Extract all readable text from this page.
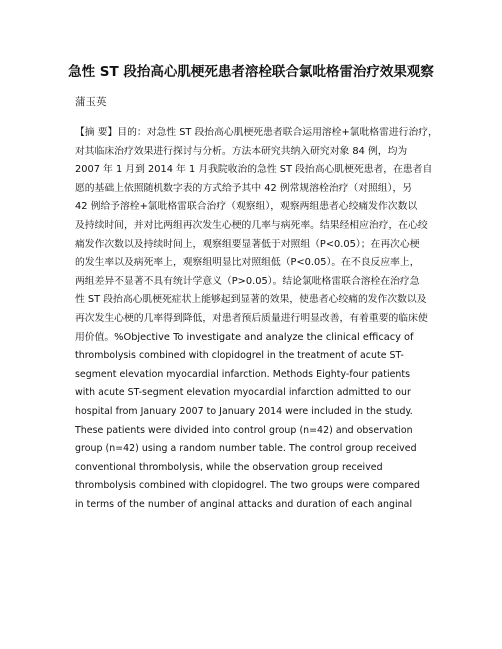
急性 ST 段抬高心肌梗死患者溶栓联合氯吡格雷治疗效果观察
蒲玉英
【摘 要】目的：对急性 ST 段抬高心肌梗死患者联合运用溶栓+氯吡格雷进行治疗，
对其临床治疗效果进行探讨与分析。方法本研究共纳入研究对象 84 例，均为
2007 年 1 月到 2014 年 1 月我院收治的急性 ST 段抬高心肌梗死患者，在患者自
愿的基础上依照随机数字表的方式给予其中 42 例常规溶栓治疗（对照组），另
42 例给予溶栓+氯吡格雷联合治疗（观察组），观察两组患者心绞痛发作次数以
及持续时间，并对比两组再次发生心梗的几率与病死率。结果经相应治疗，在心绞
痛发作次数以及持续时间上，观察组要显著低于对照组（P<0.05）；在再次心梗
的发生率以及病死率上，观察组明显比对照组低（P<0.05）。在不良反应率上，
两组差异不显著不具有统计学意义（P>0.05）。结论氯吡格雷联合溶栓在治疗急
性 ST 段抬高心肌梗死症状上能够起到显著的效果，使患者心绞痛的发作次数以及
再次发生心梗的几率得到降低，对患者预后质量进行明显改善，有着重要的临床使
用价值。%Objective To investigate and analyze the clinical efficacy of
thrombolysis combined with clopidogrel in the treatment of acute ST-
segment elevation myocardial infarction. Methods Eighty-four patients
with acute ST-segment elevation myocardial infarction admitted to our
hospital from January 2007 to January 2014 were included in the study.
These patients were divided into control group (n=42) and observation
group (n=42) using a random number table. The control group received
conventional thrombolysis, while the observation group received
thrombolysis combined with clopidogrel. The two groups were compared
in terms of the number of anginal attacks and duration of each anginal
